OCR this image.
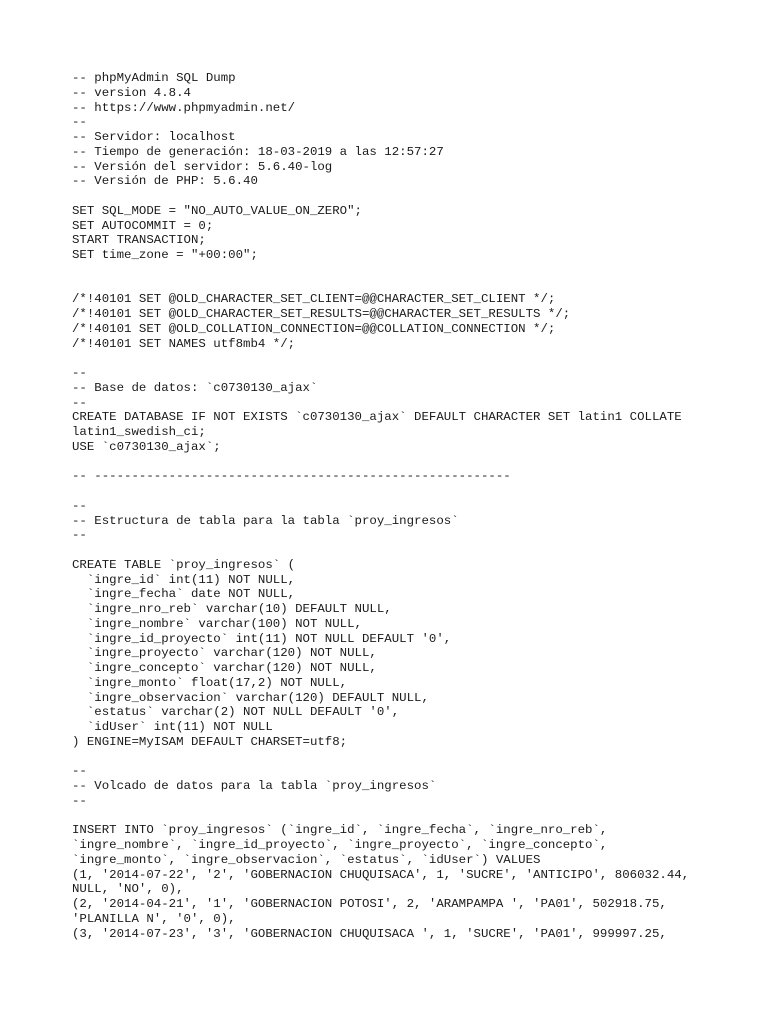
-- phpMyAdmin SQL Dump
-- version 4.8.4
-- https://www.phpmyadmin.net/
--
-- Servidor: localhost
-- Tiempo de generación: 18-03-2019 a las 12:57:27
-- Versión del servidor: 5.6.40-log
-- Versión de PHP: 5.6.40
SET SQL_MODE = "NO_AUTO_VALUE_ON_ZERO";
SET AUTOCOMMIT = 0;
START TRANSACTION;
SET time_zone = "+00:00";
/*!40101 SET @OLD_CHARACTER_SET_CLIENT=@@CHARACTER_SET_CLIENT */;
/*!40101 SET @OLD_CHARACTER_SET_RESULTS=@@CHARACTER_SET_RESULTS */;
/*!40101 SET @OLD_COLLATION_CONNECTION=@@COLLATION_CONNECTION */;
/*!40101 SET NAMES utf8mb4 */;
--
-- Base de datos: `c0730130_ajax`
--
CREATE DATABASE IF NOT EXISTS `c0730130_ajax` DEFAULT CHARACTER SET latin1 COLLATE
latin1_swedish_ci;
USE `c0730130_ajax`;
-- --------------------------------------------------------
--
-- Estructura de tabla para la tabla `proy_ingresos`
--
CREATE TABLE `proy_ingresos` (
`ingre_id` int(11) NOT NULL,
`ingre_fecha` date NOT NULL,
`ingre_nro_reb` varchar(10) DEFAULT NULL,
`ingre_nombre` varchar(100) NOT NULL,
`ingre_id_proyecto` int(11) NOT NULL DEFAULT '0',
`ingre_proyecto` varchar(120) NOT NULL,
`ingre_concepto` varchar(120) NOT NULL,
`ingre_monto` float(17,2) NOT NULL,
`ingre_observacion` varchar(120) DEFAULT NULL,
`estatus` varchar(2) NOT NULL DEFAULT '0',
`idUser` int(11) NOT NULL
) ENGINE=MyISAM DEFAULT CHARSET=utf8;
--
-- Volcado de datos para la tabla `proy_ingresos`
--
INSERT INTO `proy_ingresos` (`ingre_id`, `ingre_fecha`, `ingre_nro_reb`,
`ingre_nombre`, `ingre_id_proyecto`, `ingre_proyecto`, `ingre_concepto`,
`ingre_monto`, `ingre_observacion`, `estatus`, `idUser`) VALUES
(1, '2014-07-22', '2', 'GOBERNACION CHUQUISACA', 1, 'SUCRE', 'ANTICIPO', 806032.44,
NULL, 'NO', 0),
(2, '2014-04-21', '1', 'GOBERNACION POTOSI', 2, 'ARAMPAMPA ', 'PA01', 502918.75,
'PLANILLA N', '0', 0),
(3, '2014-07-23', '3', 'GOBERNACION CHUQUISACA ', 1, 'SUCRE', 'PA01', 999997.25,
